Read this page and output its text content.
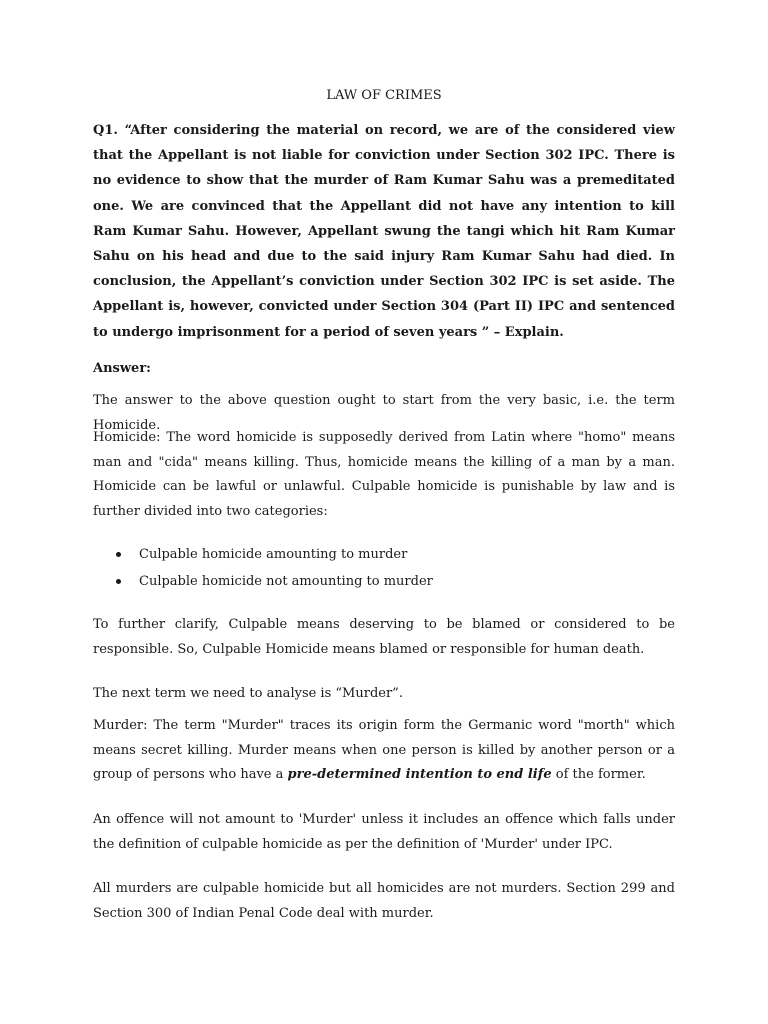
LAW OF CRIMES

Q1. “After considering the material on record, we are of the considered view that the Appellant is not liable for conviction under Section 302 IPC. There is no evidence to show that the murder of Ram Kumar Sahu was a premeditated one. We are convinced that the Appellant did not have any intention to kill Ram Kumar Sahu. However, Appellant swung the tangi which hit Ram Kumar Sahu on his head and due to the said injury Ram Kumar Sahu had died. In conclusion, the Appellant’s conviction under Section 302 IPC is set aside. The Appellant is, however, convicted under Section 304 (Part II) IPC and sentenced to undergo imprisonment for a period of seven years ” – Explain.

Answer:

The answer to the above question ought to start from the very basic, i.e. the term Homicide.

Homicide: The word homicide is supposedly derived from Latin where "homo" means man and "cida" means killing. Thus, homicide means the killing of a man by a man. Homicide can be lawful or unlawful. Culpable homicide is punishable by law and is further divided into two categories:

Culpable homicide amounting to murder
Culpable homicide not amounting to murder

To further clarify, Culpable means deserving to be blamed or considered to be responsible. So, Culpable Homicide means blamed or responsible for human death.

The next term we need to analyse is “Murder”.

Murder: The term "Murder" traces its origin form the Germanic word "morth" which means secret killing. Murder means when one person is killed by another person or a group of persons who have a pre-determined intention to end life of the former.

An offence will not amount to 'Murder' unless it includes an offence which falls under the definition of culpable homicide as per the definition of 'Murder' under IPC.

All murders are culpable homicide but all homicides are not murders. Section 299 and Section 300 of Indian Penal Code deal with murder.
